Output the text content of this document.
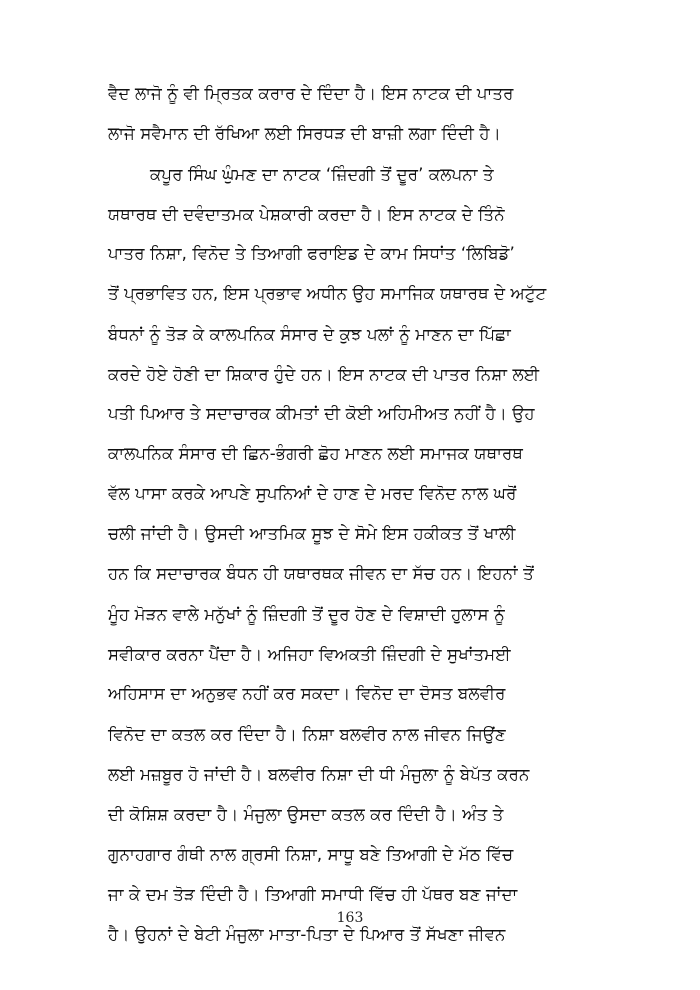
ਵੈਦ ਲਾਜੋ ਨੂੰ ਵੀ ਮ੍ਰਿਤਕ ਕਰਾਰ ਦੇ ਦਿੰਦਾ ਹੈ। ਇਸ ਨਾਟਕ ਦੀ ਪਾਤਰ
ਲਾਜੋ ਸਵੈਮਾਨ ਦੀ ਰੱਖਿਆ ਲਈ ਸਿਰਧੜ ਦੀ ਬਾਜ਼ੀ ਲਗਾ ਦਿੰਦੀ ਹੈ।
ਕਪੂਰ ਸਿੰਘ ਘੁੰਮਣ ਦਾ ਨਾਟਕ ‘ਜ਼ਿੰਦਗੀ ਤੋਂ ਦੂਰ’ ਕਲਪਨਾ ਤੇ
ਯਥਾਰਥ ਦੀ ਦਵੰਦਾਤਮਕ ਪੇਸ਼ਕਾਰੀ ਕਰਦਾ ਹੈ। ਇਸ ਨਾਟਕ ਦੇ ਤਿੰਨੋ
ਪਾਤਰ ਨਿਸ਼ਾ, ਵਿਨੋਦ ਤੇ ਤਿਆਗੀ ਫਰਾਇਡ ਦੇ ਕਾਮ ਸਿਧਾਂਤ ‘ਲਿਬਿਡੋ’
ਤੋਂ ਪ੍ਰਭਾਵਿਤ ਹਨ, ਇਸ ਪ੍ਰਭਾਵ ਅਧੀਨ ਉਹ ਸਮਾਜਿਕ ਯਥਾਰਥ ਦੇ ਅਟੁੱਟ
ਬੰਧਨਾਂ ਨੂੰ ਤੋੜ ਕੇ ਕਾਲਪਨਿਕ ਸੰਸਾਰ ਦੇ ਕੁਝ ਪਲਾਂ ਨੂੰ ਮਾਣਨ ਦਾ ਪਿੱਛਾ
ਕਰਦੇ ਹੋਏ ਹੋਣੀ ਦਾ ਸ਼ਿਕਾਰ ਹੁੰਦੇ ਹਨ। ਇਸ ਨਾਟਕ ਦੀ ਪਾਤਰ ਨਿਸ਼ਾ ਲਈ
ਪਤੀ ਪਿਆਰ ਤੇ ਸਦਾਚਾਰਕ ਕੀਮਤਾਂ ਦੀ ਕੋਈ ਅਹਿਮੀਅਤ ਨਹੀਂ ਹੈ। ਉਹ
ਕਾਲਪਨਿਕ ਸੰਸਾਰ ਦੀ ਛਿਨ-ਭੰਗਰੀ ਛੋਹ ਮਾਣਨ ਲਈ ਸਮਾਜਕ ਯਥਾਰਥ
ਵੱਲ ਪਾਸਾ ਕਰਕੇ ਆਪਣੇ ਸੁਪਨਿਆਂ ਦੇ ਹਾਣ ਦੇ ਮਰਦ ਵਿਨੋਦ ਨਾਲ ਘਰੋਂ
ਚਲੀ ਜਾਂਦੀ ਹੈ। ਉਸਦੀ ਆਤਮਿਕ ਸੂਝ ਦੇ ਸੋਮੇ ਇਸ ਹਕੀਕਤ ਤੋਂ ਖਾਲੀ
ਹਨ ਕਿ ਸਦਾਚਾਰਕ ਬੰਧਨ ਹੀ ਯਥਾਰਥਕ ਜੀਵਨ ਦਾ ਸੱਚ ਹਨ। ਇਹਨਾਂ ਤੋਂ
ਮੂੰਹ ਮੋੜਨ ਵਾਲੇ ਮਨੁੱਖਾਂ ਨੂੰ ਜ਼ਿੰਦਗੀ ਤੋਂ ਦੂਰ ਹੋਣ ਦੇ ਵਿਸ਼ਾਦੀ ਹੁਲਾਸ ਨੂੰ
ਸਵੀਕਾਰ ਕਰਨਾ ਪੈਂਦਾ ਹੈ। ਅਜਿਹਾ ਵਿਅਕਤੀ ਜ਼ਿੰਦਗੀ ਦੇ ਸੁਖਾਂਤਮਈ
ਅਹਿਸਾਸ ਦਾ ਅਨੁਭਵ ਨਹੀਂ ਕਰ ਸਕਦਾ। ਵਿਨੋਦ ਦਾ ਦੋਸਤ ਬਲਵੀਰ
ਵਿਨੋਦ ਦਾ ਕਤਲ ਕਰ ਦਿੰਦਾ ਹੈ। ਨਿਸ਼ਾ ਬਲਵੀਰ ਨਾਲ ਜੀਵਨ ਜਿਉਂਣ
ਲਈ ਮਜ਼ਬੂਰ ਹੋ ਜਾਂਦੀ ਹੈ। ਬਲਵੀਰ ਨਿਸ਼ਾ ਦੀ ਧੀ ਮੰਜੁਲਾ ਨੂੰ ਬੇਪੱਤ ਕਰਨ
ਦੀ ਕੋਸ਼ਿਸ਼ ਕਰਦਾ ਹੈ। ਮੰਜੁਲਾ ਉਸਦਾ ਕਤਲ ਕਰ ਦਿੰਦੀ ਹੈ। ਅੰਤ ਤੇ
ਗੁਨਾਹਗਾਰ ਗੰਥੀ ਨਾਲ ਗ੍ਰਸੀ ਨਿਸ਼ਾ, ਸਾਧੂ ਬਣੇ ਤਿਆਗੀ ਦੇ ਮੱਠ ਵਿੱਚ
ਜਾ ਕੇ ਦਮ ਤੋੜ ਦਿੰਦੀ ਹੈ। ਤਿਆਗੀ ਸਮਾਧੀ ਵਿੱਚ ਹੀ ਪੱਥਰ ਬਣ ਜਾਂਦਾ
ਹੈ। ਉਹਨਾਂ ਦੇ ਬੇਟੀ ਮੰਜੁਲਾ ਮਾਤਾ-ਪਿਤਾ ਦੇ ਪਿਆਰ ਤੋਂ ਸੱਖਣਾ ਜੀਵਨ
163
